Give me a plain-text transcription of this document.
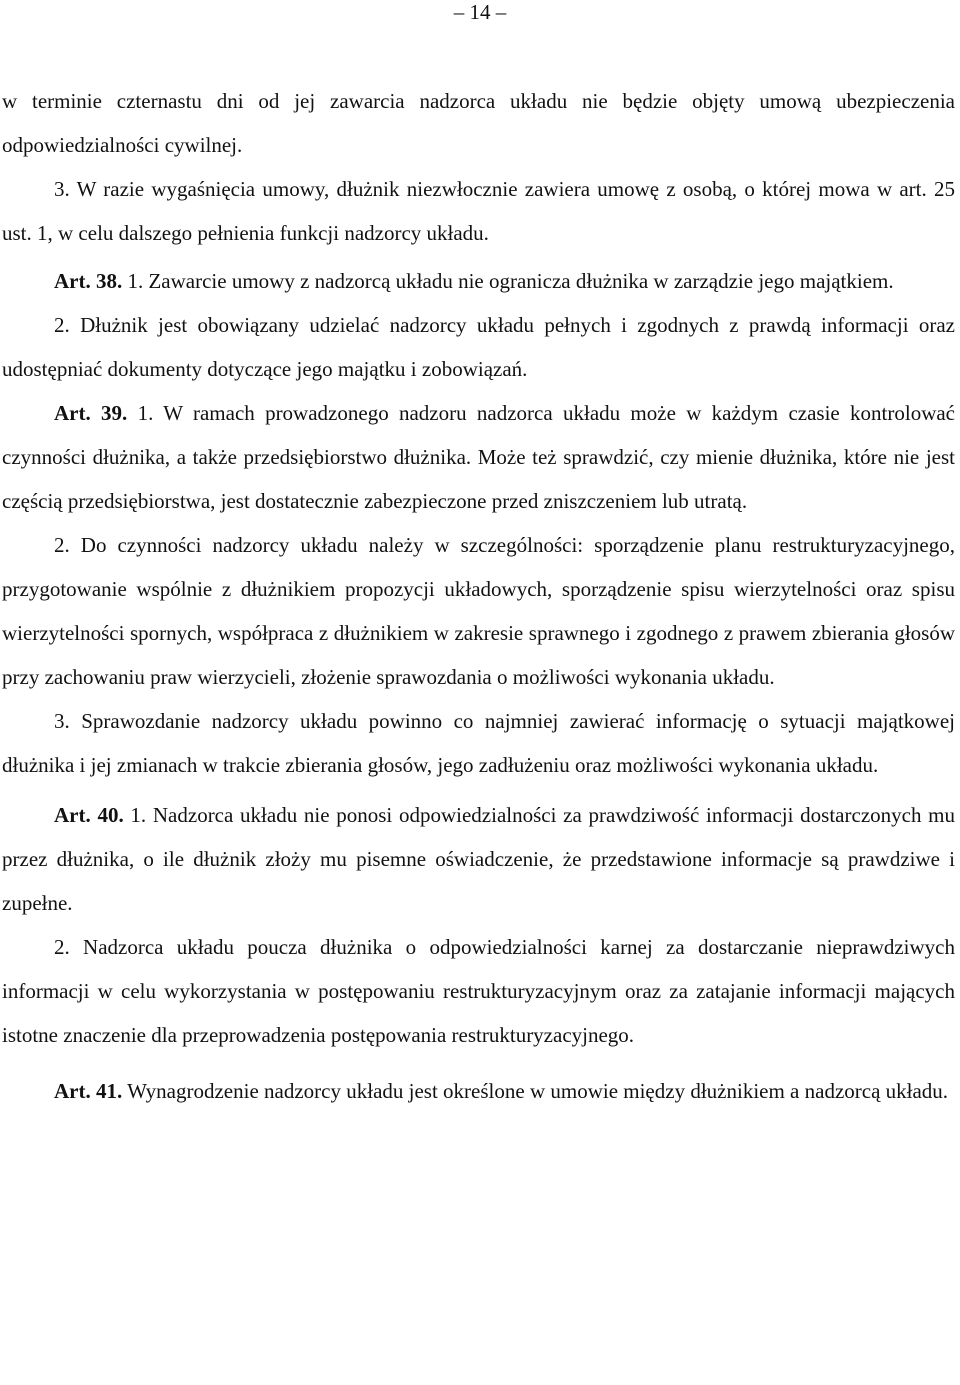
– 14 –

w terminie czternastu dni od jej zawarcia nadzorca układu nie będzie objęty umową ubezpieczenia odpowiedzialności cywilnej.

3. W razie wygaśnięcia umowy, dłużnik niezwłocznie zawiera umowę z osobą, o której mowa w art. 25 ust. 1, w celu dalszego pełnienia funkcji nadzorcy układu.

Art. 38. 1. Zawarcie umowy z nadzorcą układu nie ogranicza dłużnika w zarządzie jego majątkiem.

2. Dłużnik jest obowiązany udzielać nadzorcy układu pełnych i zgodnych z prawdą informacji oraz udostępniać dokumenty dotyczące jego majątku i zobowiązań.

Art. 39. 1. W ramach prowadzonego nadzoru nadzorca układu może w każdym czasie kontrolować czynności dłużnika, a także przedsiębiorstwo dłużnika. Może też sprawdzić, czy mienie dłużnika, które nie jest częścią przedsiębiorstwa, jest dostatecznie zabezpieczone przed zniszczeniem lub utratą.

2. Do czynności nadzorcy układu należy w szczególności: sporządzenie planu restrukturyzacyjnego, przygotowanie wspólnie z dłużnikiem propozycji układowych, sporządzenie spisu wierzytelności oraz spisu wierzytelności spornych, współpraca z dłużnikiem w zakresie sprawnego i zgodnego z prawem zbierania głosów przy zachowaniu praw wierzycieli, złożenie sprawozdania o możliwości wykonania układu.

3. Sprawozdanie nadzorcy układu powinno co najmniej zawierać informację o sytuacji majątkowej dłużnika i jej zmianach w trakcie zbierania głosów, jego zadłużeniu oraz możliwości wykonania układu.

Art. 40. 1. Nadzorca układu nie ponosi odpowiedzialności za prawdziwość informacji dostarczonych mu przez dłużnika, o ile dłużnik złoży mu pisemne oświadczenie, że przedstawione informacje są prawdziwe i zupełne.

2. Nadzorca układu poucza dłużnika o odpowiedzialności karnej za dostarczanie nieprawdziwych informacji w celu wykorzystania w postępowaniu restrukturyzacyjnym oraz za zatajanie informacji mających istotne znaczenie dla przeprowadzenia postępowania restrukturyzacyjnego.

Art. 41. Wynagrodzenie nadzorcy układu jest określone w umowie między dłużnikiem a nadzorcą układu.
